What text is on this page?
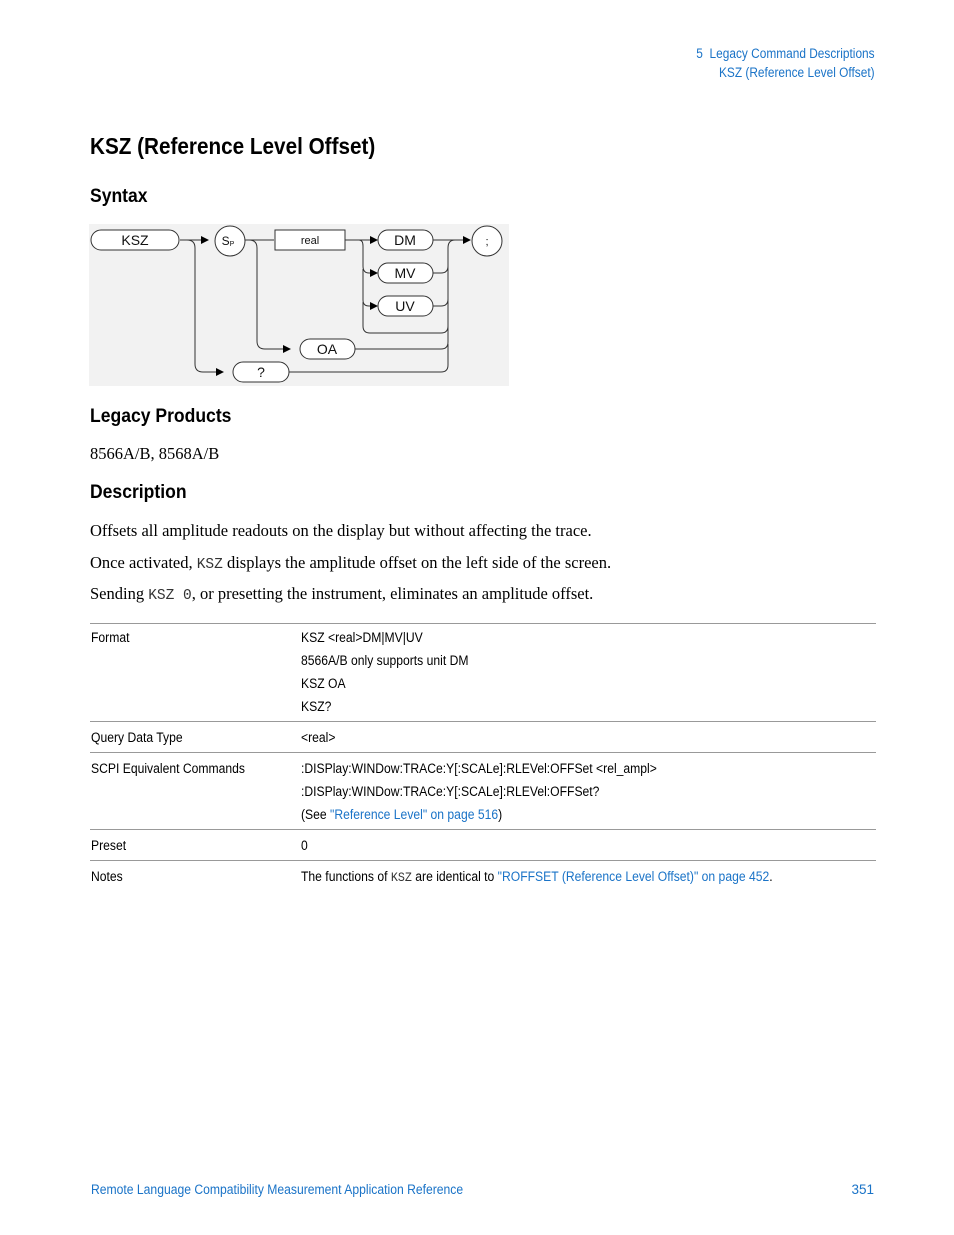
5  Legacy Command Descriptions
KSZ (Reference Level Offset)
KSZ (Reference Level Offset)
Syntax
KSZ	SP	real	DM
MV
UV
OA
?
;
Legacy Products
8566A/B, 8568A/B
Description
Offsets all amplitude readouts on the display but without affecting the trace.
Once activated, KSZ displays the amplitude offset on the left side of the screen.
Sending KSZ 0, or presetting the instrument, eliminates an amplitude offset.
Format	KSZ <real>DM|MV|UV
8566A/B only supports unit DM
KSZ OA
KSZ?

Query Data Type	<real>
SCPI Equivalent Commands	:DISPlay:WINDow:TRACe:Y[:SCALe]:RLEVel:OFFSet <rel_ampl>
:DISPlay:WINDow:TRACe:Y[:SCALe]:RLEVel:OFFSet?
(See "Reference Level" on page 516)

Preset	0
Notes	The functions of KSZ are identical to "ROFFSET (Reference Level Offset)" on page 452.
Remote Language Compatibility Measurement Application Reference	351
